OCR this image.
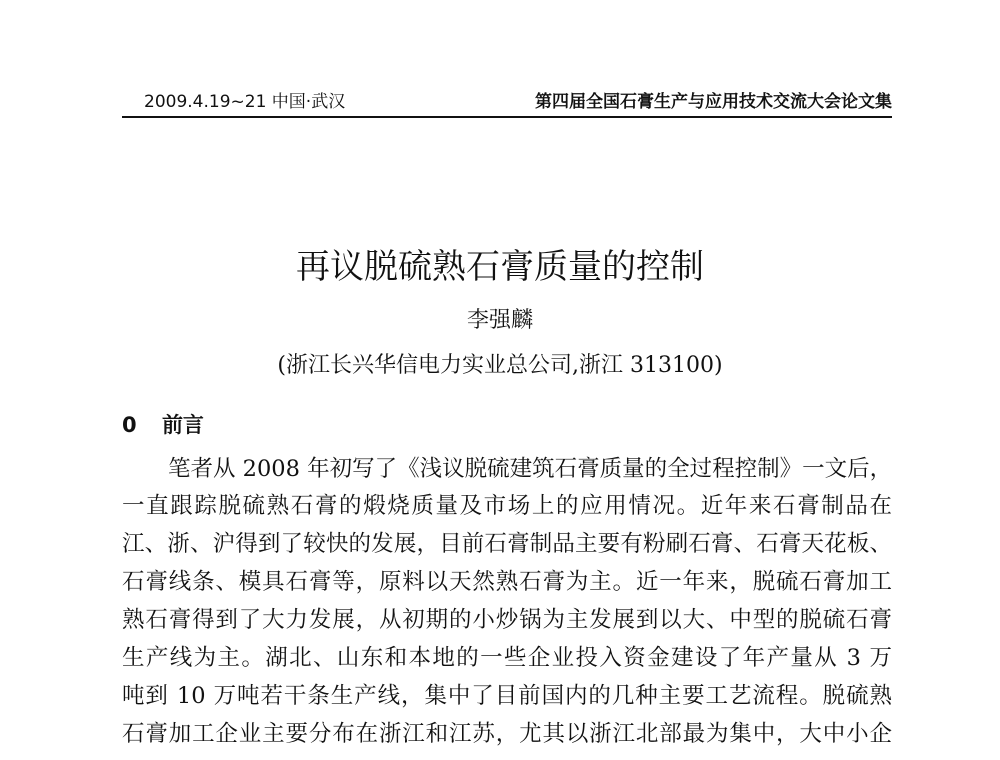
2009.4.19~21 中国·武汉	第四届全国石膏生产与应用技术交流大会论文集
再议脱硫熟石膏质量的控制
李强麟
(浙江长兴华信电力实业总公司,浙江 313100)
0 前言
笔者从 2008 年初写了《浅议脱硫建筑石膏质量的全过程控制》一文后，
一直跟踪脱硫熟石膏的煅烧质量及市场上的应用情况。近年来石膏制品在
江、浙、沪得到了较快的发展，目前石膏制品主要有粉刷石膏、石膏天花板、
石膏线条、模具石膏等，原料以天然熟石膏为主。近一年来，脱硫石膏加工
熟石膏得到了大力发展，从初期的小炒锅为主发展到以大、中型的脱硫石膏
生产线为主。湖北、山东和本地的一些企业投入资金建设了年产量从 3 万
吨到 10 万吨若干条生产线，集中了目前国内的几种主要工艺流程。脱硫熟
石膏加工企业主要分布在浙江和江苏，尤其以浙江北部最为集中，大中小企
